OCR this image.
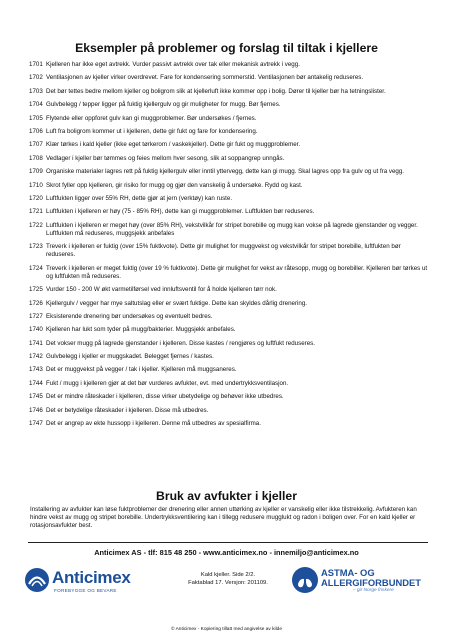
Eksempler på problemer og forslag til tiltak i kjellere
1701 Kjelleren har ikke eget avtrekk. Vurder passivt avtrekk over tak eller mekanisk avtrekk i vegg.
1702 Ventilasjonen av kjeller virker overdrevet. Fare for kondensering sommerstid. Ventilasjonen bør antakelig reduseres.
1703 Det bør tettes bedre mellom kjeller og boligrom slik at kjellerluft ikke kommer opp i bolig. Dører til kjeller bør ha tetningslister.
1704 Gulvbelegg / tepper ligger på fuktig kjellergulv og gir muligheter for mugg. Bør fjernes.
1705 Flytende eller oppforet gulv kan gi muggproblemer. Bør undersøkes / fjernes.
1706 Luft fra boligrom kommer ut i kjelleren, dette gir fukt og fare for kondensering.
1707 Klær tørkes i kald kjeller (ikke eget tørkerom / vaskekjeller). Dette gir fukt og muggproblemer.
1708 Vedlager i kjeller bør tømmes og feies mellom hver sesong, slik at soppangrep unngås.
1709 Organiske materialer lagres rett på fuktig kjellergulv eller inntil yttervegg, dette kan gi mugg. Skal lagres opp fra gulv og ut fra vegg.
1710 Skrot fyller opp kjelleren, gir risiko for mugg og gjør den vanskelig å undersøke. Rydd og kast.
1720 Luftfukten ligger over 55% RH, dette gjør at jern (verktøy) kan ruste.
1721 Luftfukten i kjelleren er høy (75 - 85% RH), dette kan gi muggproblemer. Luftfukten bør reduseres.
1722 Luftfukten i kjelleren er meget høy (over 85% RH), vekstvilkår for stripet borebille og mugg kan vokse på lagrede gjenstander og vegger. Luftfukten må reduseres, muggsjekk anbefales
1723 Treverk i kjelleren er fuktig (over 15% fuktkvote). Dette gir mulighet for muggvekst og vekstvilkår for stripet borebille, luftfukten bør reduseres.
1724 Treverk i kjelleren er meget fuktig (over 19 % fuktkvote). Dette gir mulighet for vekst av råtesopp, mugg og borebiller. Kjelleren bør tørkes ut og luftfukten må reduseres.
1725 Vurder 150 - 200 W økt varmetilførsel ved innluftsventil for å holde kjelleren tørr nok.
1726 Kjellergulv / vegger har mye saltutslag eller er svært fuktige. Dette kan skyldes dårlig drenering.
1727 Eksisterende drenering bør undersøkes og eventuelt bedres.
1740 Kjelleren har lukt som tyder på mugg/bakterier. Muggsjekk anbefales.
1741 Det vokser mugg på lagrede gjenstander i kjelleren. Disse kastes / rengjøres og luftfukt reduseres.
1742 Gulvbelegg i kjeller er muggskadet. Belegget fjernes / kastes.
1743 Det er muggvekst på vegger / tak i kjeller. Kjelleren må muggsaneres.
1744 Fukt / mugg i kjelleren gjør at det bør vurderes avfukter, evt. med undertrykksventilasjon.
1745 Det er mindre råteskader i kjelleren, disse virker ubetydelige og behøver ikke utbedres.
1746 Det er betydelige råteskader i kjelleren. Disse må utbedres.
1747 Det er angrep av ekte hussopp i kjelleren. Denne må utbedres av spesialfirma.
Bruk av avfukter i kjeller
Installering av avfukter kan løse fuktproblemer der drenering eller annen uttørking av kjeller er vanskelig eller ikke tilstrekkelig. Avfukteren kan hindre vekst av mugg og stripet borebille. Undertrykksventilering kan i tillegg redusere mugglukt og radon i boligen over. For en kald kjeller er rotasjonsavfukter best.
Anticimex AS - tlf: 815 48 250 - www.anticimex.no - innemiljo@anticimex.no
Anticimex
FOREBYGGE OG BEVARE
Kald kjeller. Side 2/2.
Faktablad 17. Versjon: 201109.
ASTMA- OG
ALLERGIFORBUNDET
– gir Norge friskere
© Anticimex - Kopiering tillatt med angivelse av kilde
